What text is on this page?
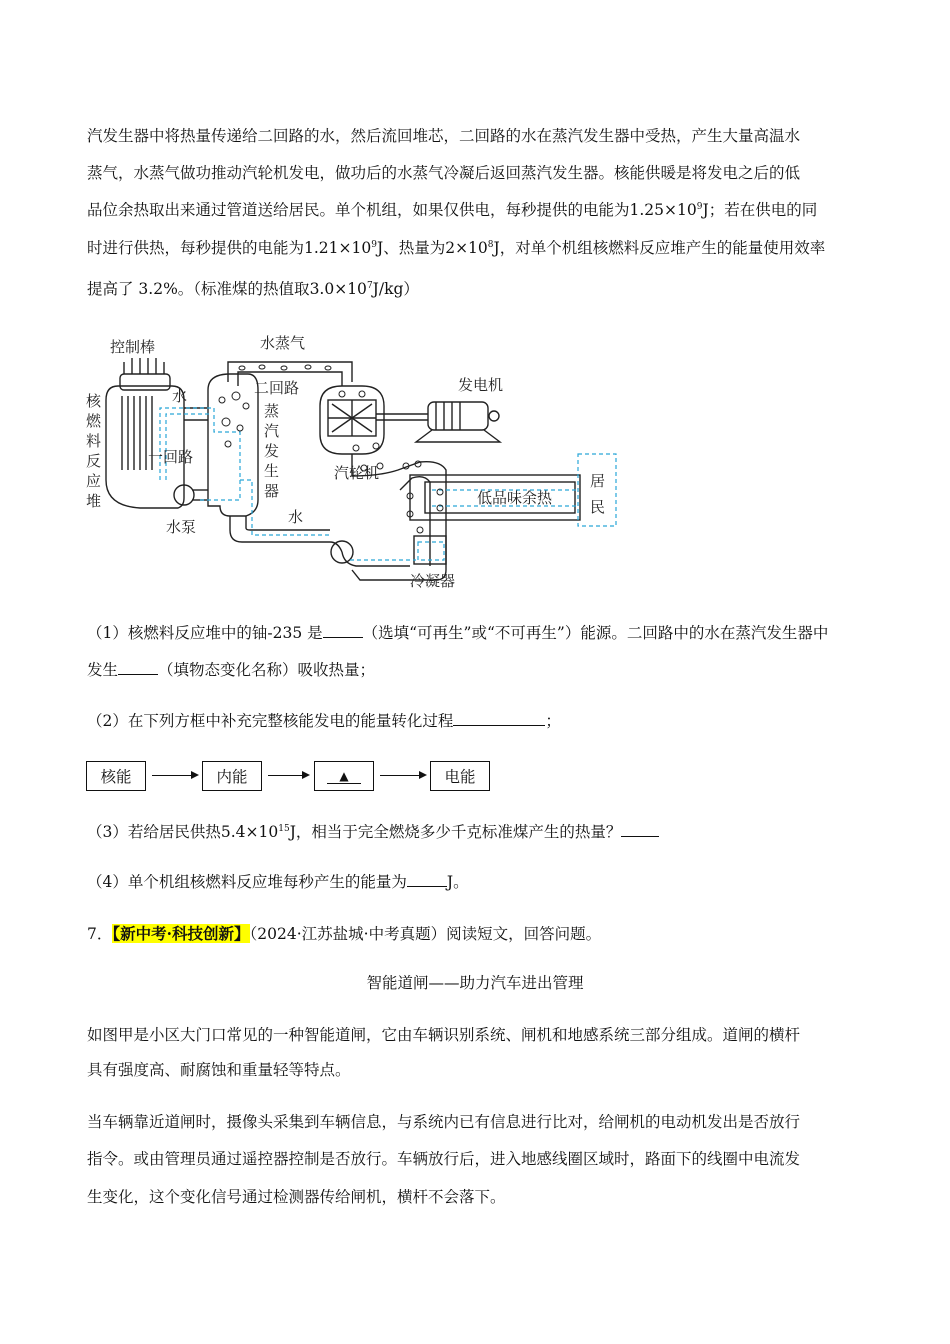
汽发生器中将热量传递给二回路的水，然后流回堆芯，二回路的水在蒸汽发生器中受热，产生大量高温水
蒸气，水蒸气做功推动汽轮机发电，做功后的水蒸气冷凝后返回蒸汽发生器。核能供暖是将发电之后的低
品位余热取出来通过管道送给居民。单个机组，如果仅供电，每秒提供的电能为$1.25\times 10^9J$；若在供电的同
时进行供热，每秒提供的电能为$1.21\times 10^9J$、热量为$2\times 10^8J$，对单个机组核燃料反应堆产生的能量使用效率
提高了 3.2%。（标准煤的热值取$3.0\times 10^7J/kg$）
水蒸气
控制棒
水	二回路
一回路
水泵
水
汽轮机
发电机
低品味余热
冷凝器
核
燃
料
反
应
堆
蒸
汽
发
生
器
居
民
（1）核燃料反应堆中的铀-235 是	（选填“可再生”或“不可再生”）能源。二回路中的水在蒸汽发生器中
发生	（填物态变化名称）吸收热量；
（2）在下列方框中补充完整核能发电的能量转化过程	；
核能	内能	▲	电能
（3）若给居民供热$5.4\times 10^{15}J$，相当于完全燃烧多少千克标准煤产生的热量？
（4）单个机组核燃料反应堆每秒产生的能量为	J。
7．【新中考·科技创新】（2024·江苏盐城·中考真题）阅读短文，回答问题。
智能道闸——助力汽车进出管理
如图甲是小区大门口常见的一种智能道闸，它由车辆识别系统、闸机和地感系统三部分组成。道闸的横杆
具有强度高、耐腐蚀和重量轻等特点。
当车辆靠近道闸时，摄像头采集到车辆信息，与系统内已有信息进行比对，给闸机的电动机发出是否放行
指令。或由管理员通过遥控器控制是否放行。车辆放行后，进入地感线圈区域时，路面下的线圈中电流发
生变化，这个变化信号通过检测器传给闸机，横杆不会落下。
